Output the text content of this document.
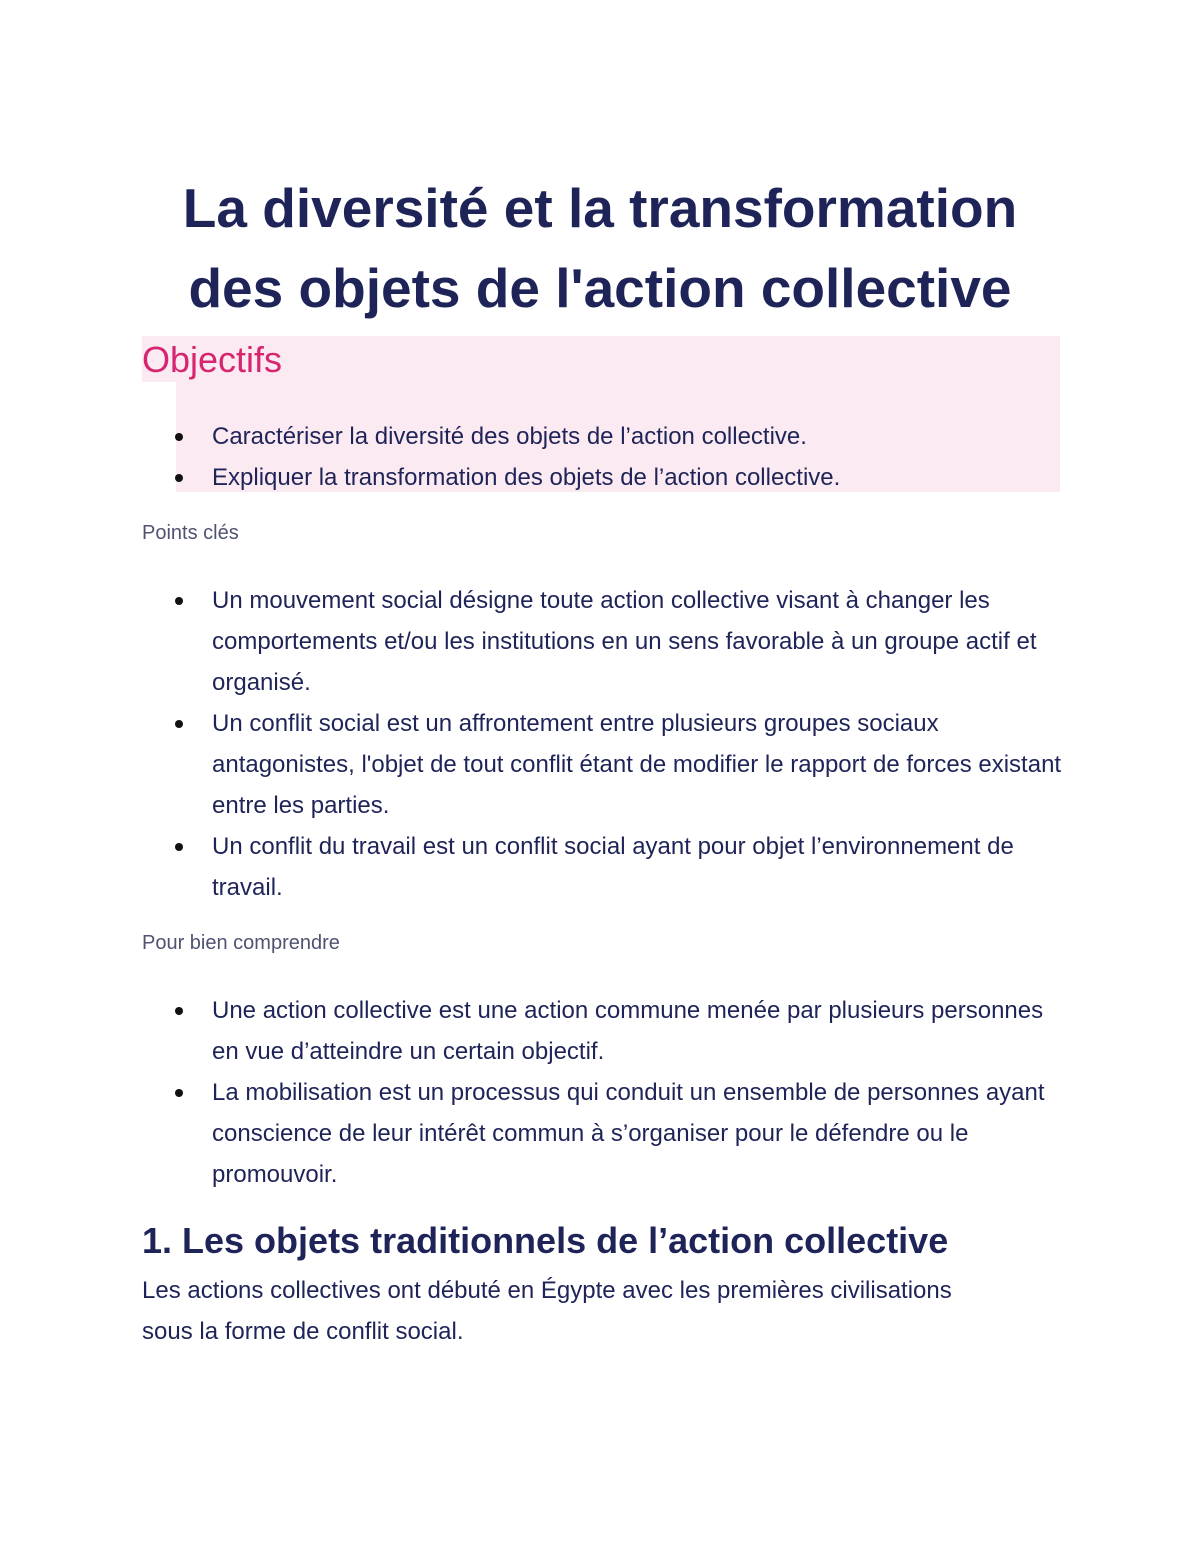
La diversité et la transformation
des objets de l'action collective
Objectifs
Caractériser la diversité des objets de l’action collective.
Expliquer la transformation des objets de l’action collective.

Points clés

Un mouvement social désigne toute action collective visant à changer les comportements et/ou les institutions en un sens favorable à un groupe actif et organisé.
Un conflit social est un affrontement entre plusieurs groupes sociaux antagonistes, l'objet de tout conflit étant de modifier le rapport de forces existant entre les parties.
Un conflit du travail est un conflit social ayant pour objet l’environnement de travail.

Pour bien comprendre

Une action collective est une action commune menée par plusieurs personnes en vue d’atteindre un certain objectif.
La mobilisation est un processus qui conduit un ensemble de personnes ayant conscience de leur intérêt commun à s’organiser pour le défendre ou le promouvoir.
1. Les objets traditionnels de l’action collective

Les actions collectives ont débuté en Égypte avec les premières civilisations sous la forme de conflit social.
